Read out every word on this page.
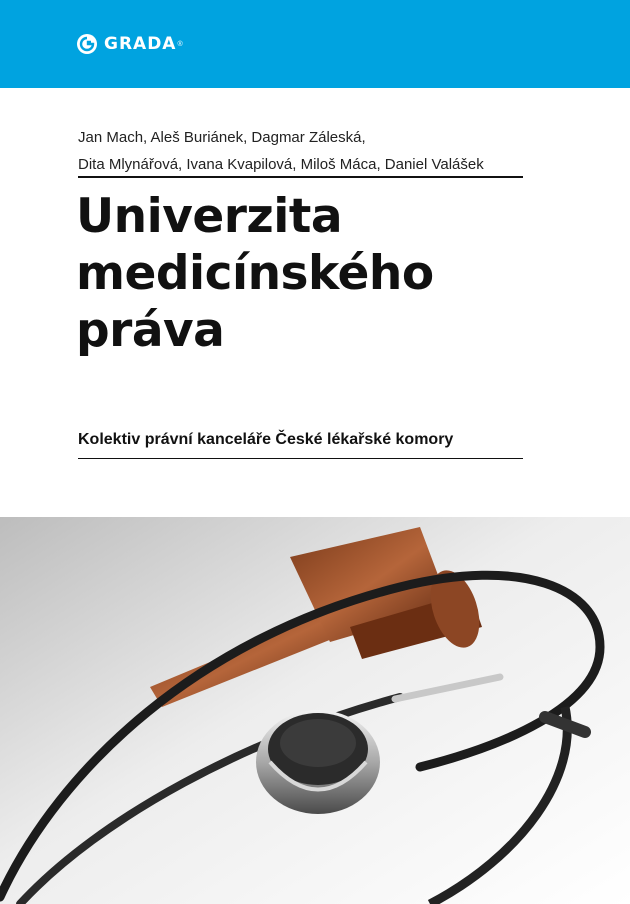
GRADA ®
Jan Mach, Aleš Buriánek, Dagmar Záleská,
Dita Mlynářová, Ivana Kvapilová, Miloš Máca, Daniel Valášek
Univerzita
medicínského
práva
Kolektiv právní kanceláře České lékařské komory
